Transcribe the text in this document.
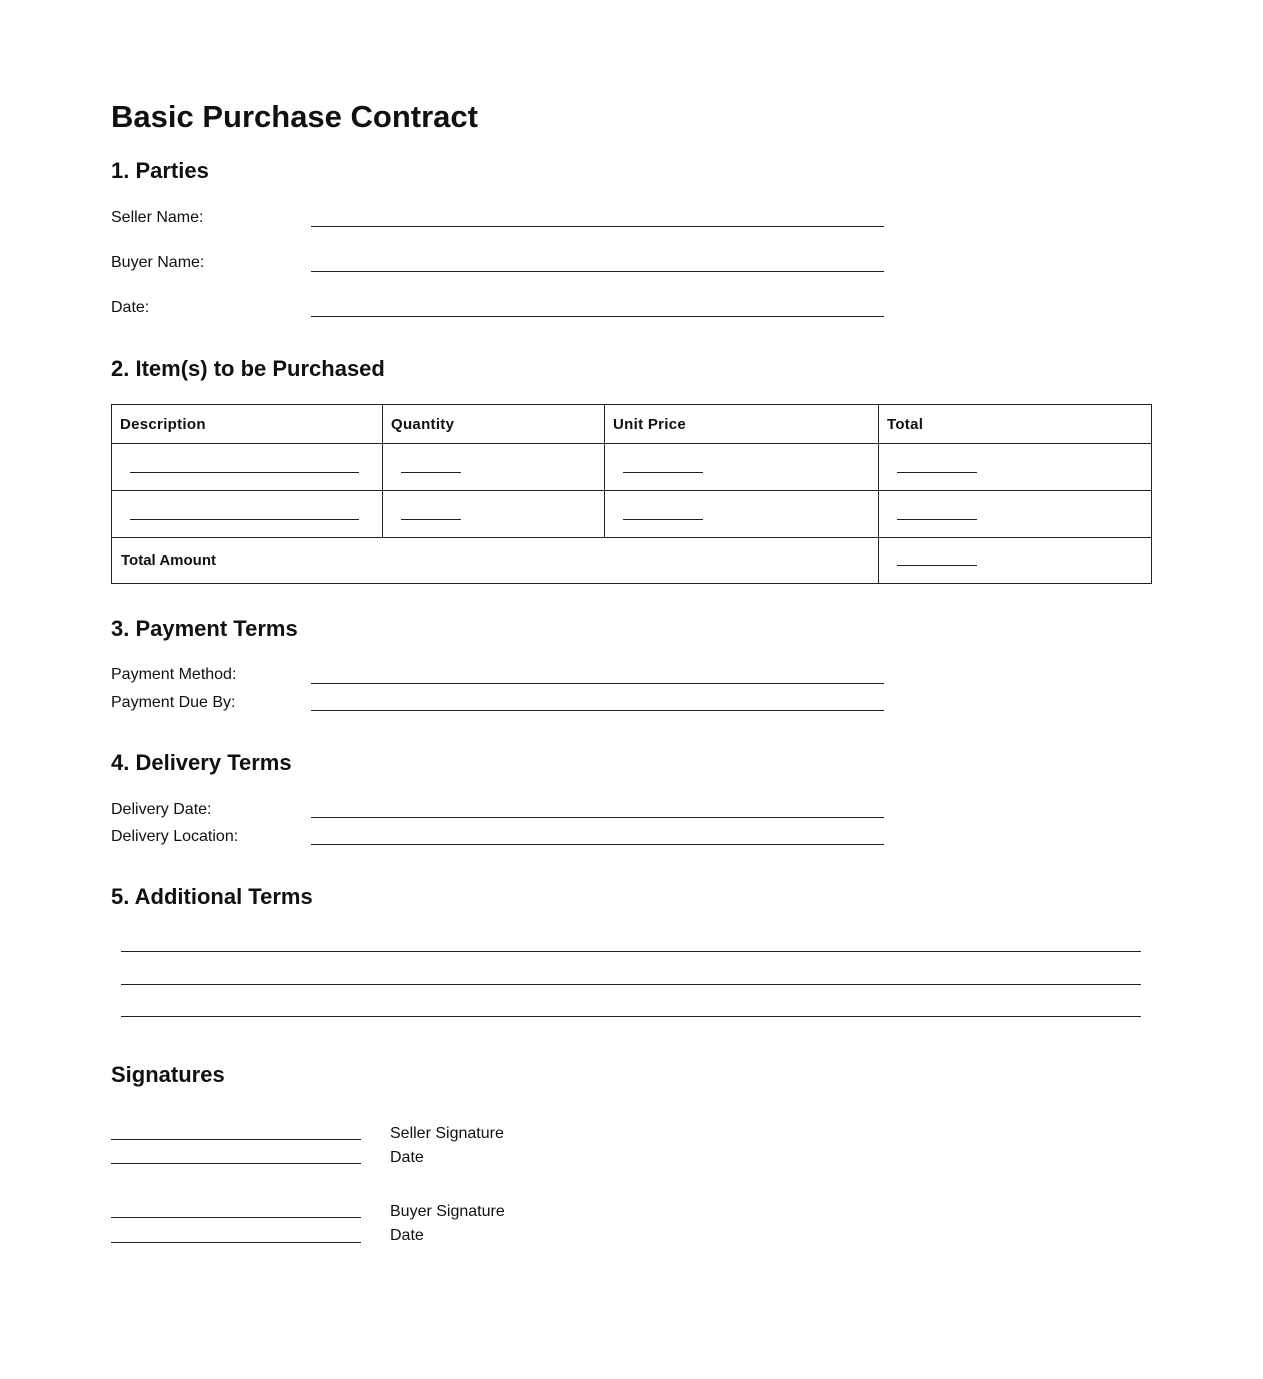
Basic Purchase Contract
1. Parties
Seller Name:
Buyer Name:
Date:
2. Item(s) to be Purchased
Description	Quantity	Unit Price	Total
Total Amount
3. Payment Terms
Payment Method:
Payment Due By:
4. Delivery Terms
Delivery Date:
Delivery Location:
5. Additional Terms
Signatures
Seller Signature
Date
Buyer Signature
Date
